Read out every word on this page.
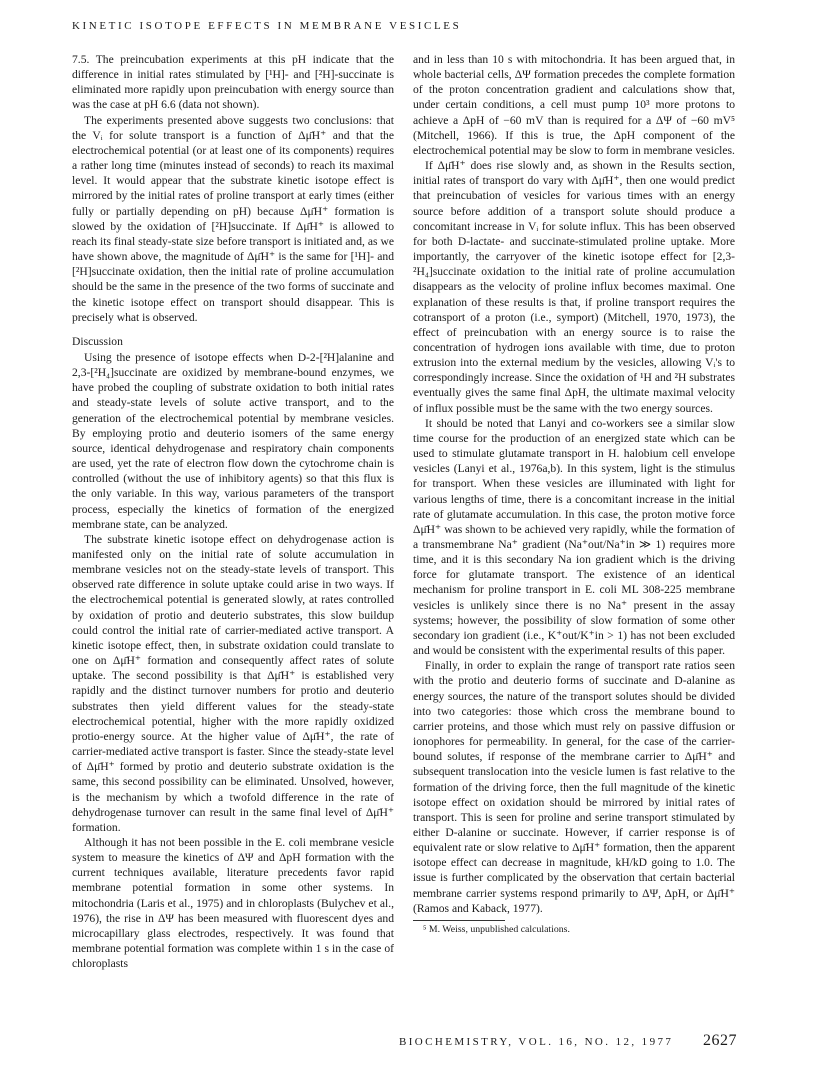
KINETIC ISOTOPE EFFECTS IN MEMBRANE VESICLES

7.5. The preincubation experiments at this pH indicate that the difference in initial rates stimulated by [¹H]- and [²H]-succinate is eliminated more rapidly upon preincubation with energy source than was the case at pH 6.6 (data not shown).

The experiments presented above suggests two conclusions: that the Vᵢ for solute transport is a function of Δμ̄H⁺ and that the electrochemical potential (or at least one of its components) requires a rather long time (minutes instead of seconds) to reach its maximal level. It would appear that the substrate kinetic isotope effect is mirrored by the initial rates of proline transport at early times (either fully or partially depending on pH) because Δμ̄H⁺ formation is slowed by the oxidation of [²H]succinate. If Δμ̄H⁺ is allowed to reach its final steady-state size before transport is initiated and, as we have shown above, the magnitude of Δμ̄H⁺ is the same for [¹H]- and [²H]succinate oxidation, then the initial rate of proline accumulation should be the same in the presence of the two forms of succinate and the kinetic isotope effect on transport should disappear. This is precisely what is observed.

Discussion

Using the presence of isotope effects when D-2-[²H]alanine and 2,3-[²H₄]succinate are oxidized by membrane-bound enzymes, we have probed the coupling of substrate oxidation to both initial rates and steady-state levels of solute active transport, and to the generation of the electrochemical potential by membrane vesicles. By employing protio and deuterio isomers of the same energy source, identical dehydrogenase and respiratory chain components are used, yet the rate of electron flow down the cytochrome chain is controlled (without the use of inhibitory agents) so that this flux is the only variable. In this way, various parameters of the transport process, especially the kinetics of formation of the energized membrane state, can be analyzed.

The substrate kinetic isotope effect on dehydrogenase action is manifested only on the initial rate of solute accumulation in membrane vesicles not on the steady-state levels of transport. This observed rate difference in solute uptake could arise in two ways. If the electrochemical potential is generated slowly, at rates controlled by oxidation of protio and deuterio substrates, this slow buildup could control the initial rate of carrier-mediated active transport. A kinetic isotope effect, then, in substrate oxidation could translate to one on Δμ̄H⁺ formation and consequently affect rates of solute uptake. The second possibility is that Δμ̄H⁺ is established very rapidly and the distinct turnover numbers for protio and deuterio substrates then yield different values for the steady-state electrochemical potential, higher with the more rapidly oxidized protio-energy source. At the higher value of Δμ̄H⁺, the rate of carrier-mediated active transport is faster. Since the steady-state level of Δμ̄H⁺ formed by protio and deuterio substrate oxidation is the same, this second possibility can be eliminated. Unsolved, however, is the mechanism by which a twofold difference in the rate of dehydrogenase turnover can result in the same final level of Δμ̄H⁺ formation.

Although it has not been possible in the E. coli membrane vesicle system to measure the kinetics of ΔΨ and ΔpH formation with the current techniques available, literature precedents favor rapid membrane potential formation in some other systems. In mitochondria (Laris et al., 1975) and in chloroplasts (Bulychev et al., 1976), the rise in ΔΨ has been measured with fluorescent dyes and microcapillary glass electrodes, respectively. It was found that membrane potential formation was complete within 1 s in the case of chloroplasts

and in less than 10 s with mitochondria. It has been argued that, in whole bacterial cells, ΔΨ formation precedes the complete formation of the proton concentration gradient and calculations show that, under certain conditions, a cell must pump 10³ more protons to achieve a ΔpH of −60 mV than is required for a ΔΨ of −60 mV⁵ (Mitchell, 1966). If this is true, the ΔpH component of the electrochemical potential may be slow to form in membrane vesicles.

If Δμ̄H⁺ does rise slowly and, as shown in the Results section, initial rates of transport do vary with Δμ̄H⁺, then one would predict that preincubation of vesicles for various times with an energy source before addition of a transport solute should produce a concomitant increase in Vᵢ for solute influx. This has been observed for both D-lactate- and succinate-stimulated proline uptake. More importantly, the carryover of the kinetic isotope effect for [2,3-²H₄]succinate oxidation to the initial rate of proline accumulation disappears as the velocity of proline influx becomes maximal. One explanation of these results is that, if proline transport requires the cotransport of a proton (i.e., symport) (Mitchell, 1970, 1973), the effect of preincubation with an energy source is to raise the concentration of hydrogen ions available with time, due to proton extrusion into the external medium by the vesicles, allowing Vᵢ's to correspondingly increase. Since the oxidation of ¹H and ²H substrates eventually gives the same final ΔpH, the ultimate maximal velocity of influx possible must be the same with the two energy sources.

It should be noted that Lanyi and co-workers see a similar slow time course for the production of an energized state which can be used to stimulate glutamate transport in H. halobium cell envelope vesicles (Lanyi et al., 1976a,b). In this system, light is the stimulus for transport. When these vesicles are illuminated with light for various lengths of time, there is a concomitant increase in the initial rate of glutamate accumulation. In this case, the proton motive force Δμ̄H⁺ was shown to be achieved very rapidly, while the formation of a transmembrane Na⁺ gradient (Na⁺out/Na⁺in ≫ 1) requires more time, and it is this secondary Na ion gradient which is the driving force for glutamate transport. The existence of an identical mechanism for proline transport in E. coli ML 308-225 membrane vesicles is unlikely since there is no Na⁺ present in the assay systems; however, the possibility of slow formation of some other secondary ion gradient (i.e., K⁺out/K⁺in > 1) has not been excluded and would be consistent with the experimental results of this paper.

Finally, in order to explain the range of transport rate ratios seen with the protio and deuterio forms of succinate and D-alanine as energy sources, the nature of the transport solutes should be divided into two categories: those which cross the membrane bound to carrier proteins, and those which must rely on passive diffusion or ionophores for permeability. In general, for the case of the carrier-bound solutes, if response of the membrane carrier to Δμ̄H⁺ and subsequent translocation into the vesicle lumen is fast relative to the formation of the driving force, then the full magnitude of the kinetic isotope effect on oxidation should be mirrored by initial rates of transport. This is seen for proline and serine transport stimulated by either D-alanine or succinate. However, if carrier response is of equivalent rate or slow relative to Δμ̄H⁺ formation, then the apparent isotope effect can decrease in magnitude, kH/kD going to 1.0. The issue is further complicated by the observation that certain bacterial membrane carrier systems respond primarily to ΔΨ, ΔpH, or Δμ̄H⁺ (Ramos and Kaback, 1977).

⁵ M. Weiss, unpublished calculations.
BIOCHEMISTRY, VOL. 16, NO. 12, 1977 2627
